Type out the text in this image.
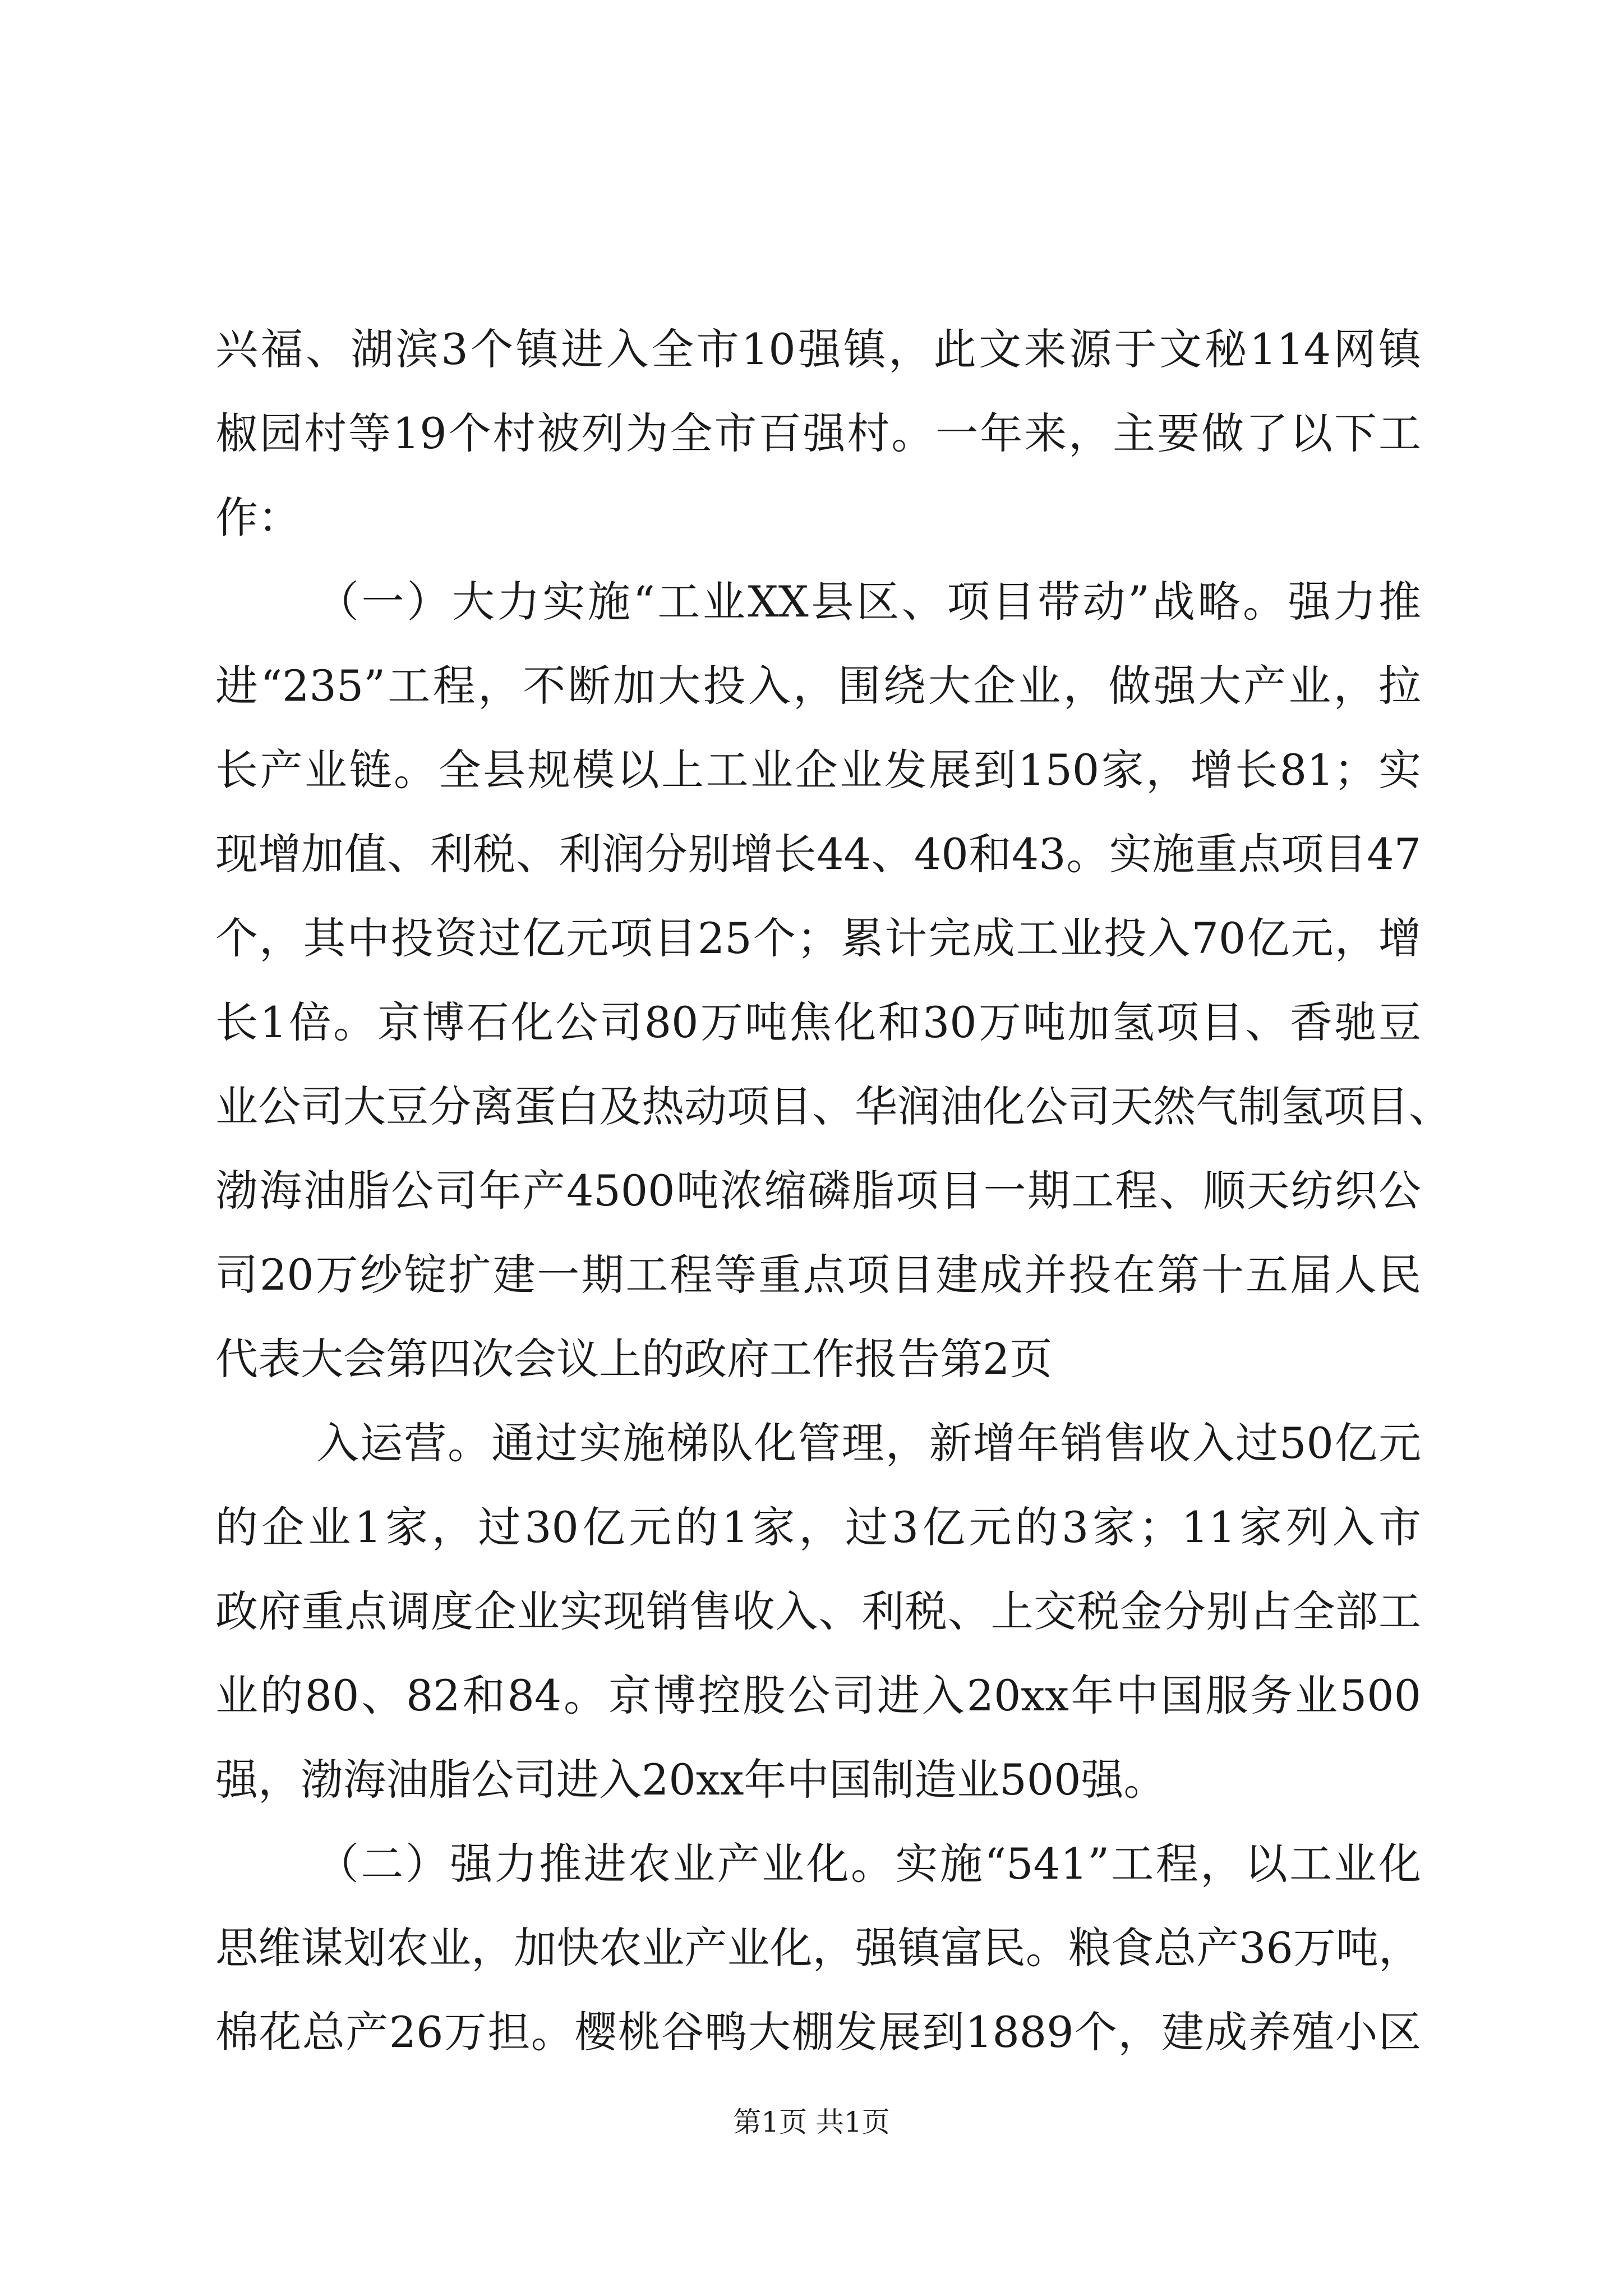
兴福、湖滨3个镇进入全市10强镇，此文来源于文秘114网镇
椒园村等19个村被列为全市百强村。一年来，主要做了以下工
作：
（一）大力实施“工业XX县区、项目带动”战略。强力推
进“235”工程，不断加大投入，围绕大企业，做强大产业，拉
长产业链。全县规模以上工业企业发展到150家，增长81；实
现增加值、利税、利润分别增长44、40和43。实施重点项目47
个，其中投资过亿元项目25个；累计完成工业投入70亿元，增
长1倍。京博石化公司80万吨焦化和30万吨加氢项目、香驰豆
业公司大豆分离蛋白及热动项目、华润油化公司天然气制氢项目、
渤海油脂公司年产4500吨浓缩磷脂项目一期工程、顺天纺织公
司20万纱锭扩建一期工程等重点项目建成并投在第十五届人民
代表大会第四次会议上的政府工作报告第2页
入运营。通过实施梯队化管理，新增年销售收入过50亿元
的企业1家，过30亿元的1家，过3亿元的3家；11家列入市
政府重点调度企业实现销售收入、利税、上交税金分别占全部工
业的80、82和84。京博控股公司进入20xx年中国服务业500
强，渤海油脂公司进入20xx年中国制造业500强。
（二）强力推进农业产业化。实施“541”工程，以工业化
思维谋划农业，加快农业产业化，强镇富民。粮食总产36万吨，
棉花总产26万担。樱桃谷鸭大棚发展到1889个，建成养殖小区
第1页 共1页
